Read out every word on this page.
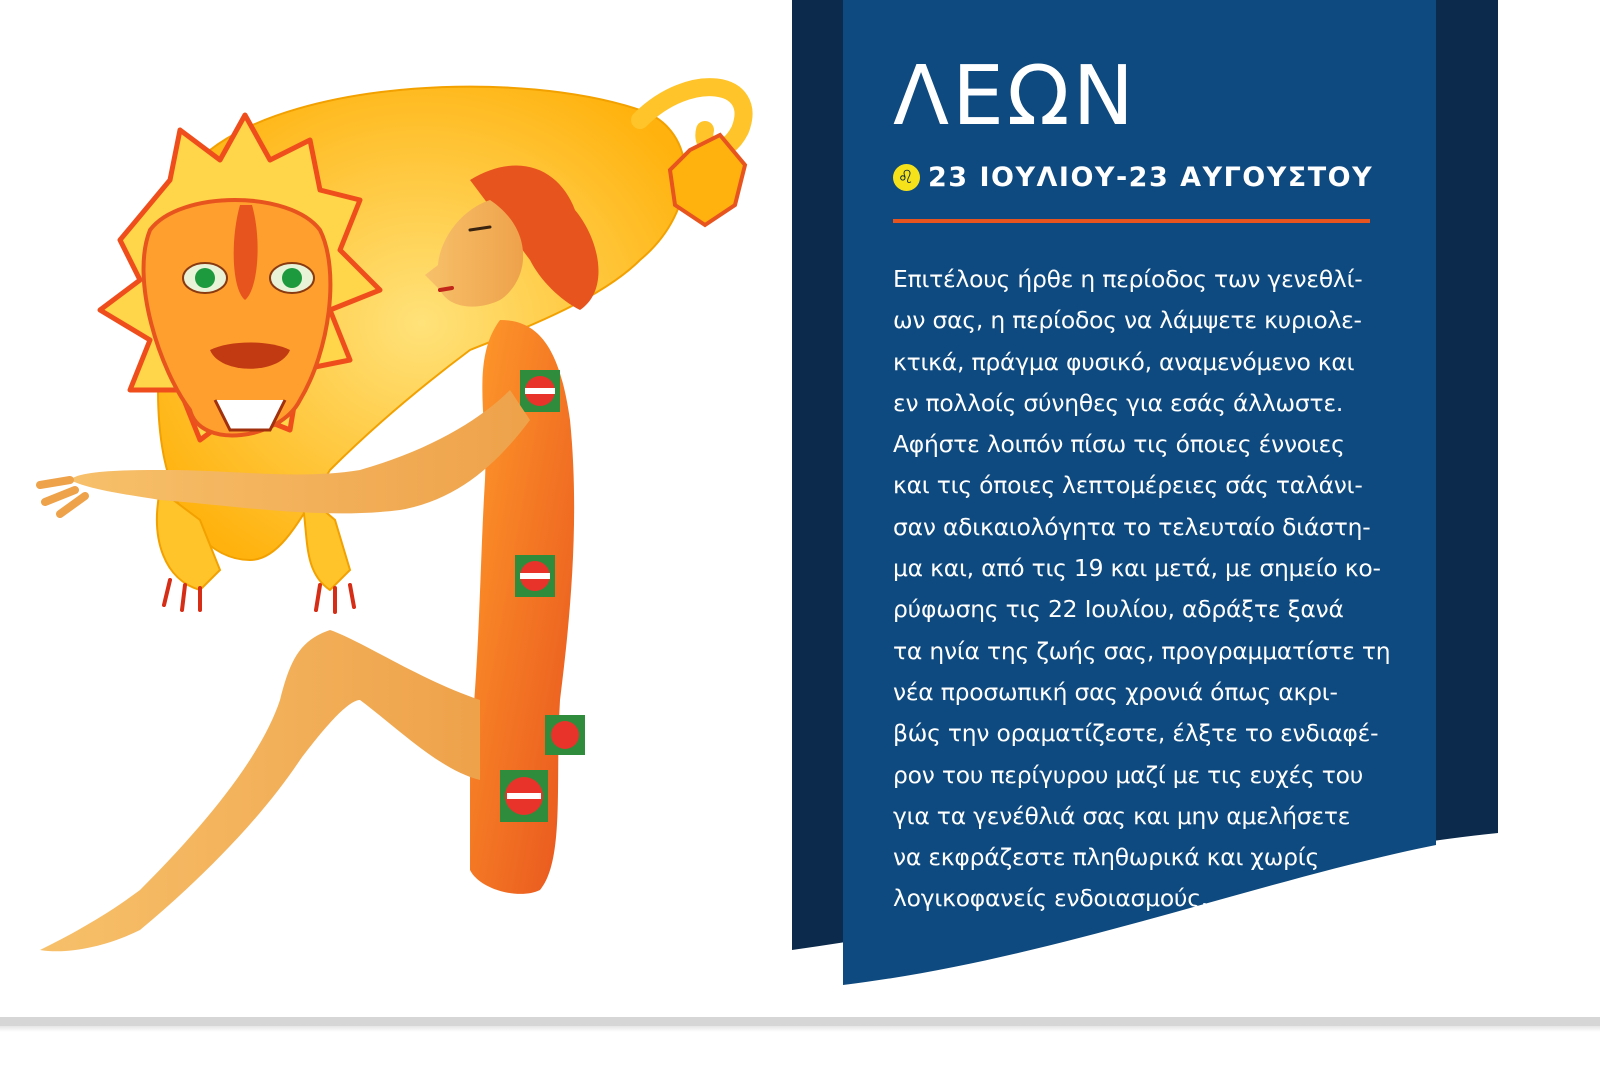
ΛΕΩΝ
♌ 23 ΙΟΥΛΙΟΥ-23 ΑΥΓΟΥΣΤΟΥ
Επιτέλους ήρθε η περίοδος των γενεθλί-
ων σας, η περίοδος να λάμψετε κυριολε-
κτικά, πράγμα φυσικό, αναμενόμενο και
εν πολλοίς σύνηθες για εσάς άλλωστε.
Αφήστε λοιπόν πίσω τις όποιες έννοιες
και τις όποιες λεπτομέρειες σάς ταλάνι-
σαν αδικαιολόγητα το τελευταίο διάστη-
μα και, από τις 19 και μετά, με σημείο κο-
ρύφωσης τις 22 Ιουλίου, αδράξτε ξανά
τα ηνία της ζωής σας, προγραμματίστε τη
νέα προσωπική σας χρονιά όπως ακρι-
βώς την οραματίζεστε, έλξτε το ενδιαφέ-
ρον του περίγυρου μαζί με τις ευχές του
για τα γενέθλιά σας και μην αμελήσετε
να εκφράζεστε πληθωρικά και χωρίς
λογικοφανείς ενδοιασμούς.
